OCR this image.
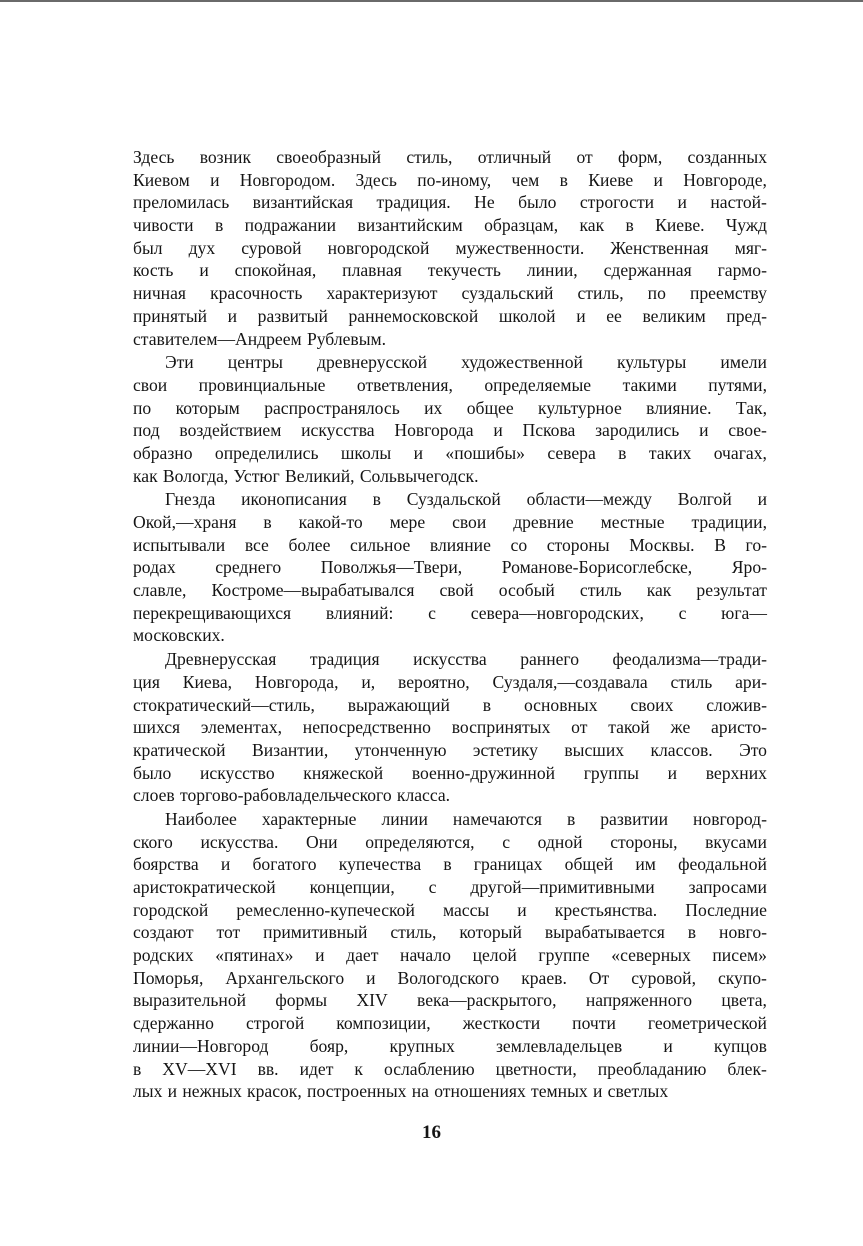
Здесь возник своеобразный стиль, отличный от форм, созданных
Киевом и Новгородом. Здесь по-иному, чем в Киеве и Новгороде,
преломилась византийская традиция. Не было строгости и настой-
чивости в подражании византийским образцам, как в Киеве. Чужд
был дух суровой новгородской мужественности. Женственная мяг-
кость и спокойная, плавная текучесть линии, сдержанная гармо-
ничная красочность характеризуют суздальский стиль, по преемству
принятый и развитый раннемосковской школой и ее великим пред-
ставителем—Андреем Рублевым.
Эти центры древнерусской художественной культуры имели
свои провинциальные ответвления, определяемые такими путями,
по которым распространялось их общее культурное влияние. Так,
под воздействием искусства Новгорода и Пскова зародились и свое-
образно определились школы и «пошибы» севера в таких очагах,
как Вологда, Устюг Великий, Сольвычегодск.
Гнезда иконописания в Суздальской области—между Волгой и
Окой,—храня в какой-то мере свои древние местные традиции,
испытывали все более сильное влияние со стороны Москвы. В го-
родах среднего Поволжья—Твери, Романове-Борисоглебске, Яро-
славле, Костроме—вырабатывался свой особый стиль как результат
перекрещивающихся влияний: с севера—новгородских, с юга—
московских.
Древнерусская традиция искусства раннего феодализма—тради-
ция Киева, Новгорода, и, вероятно, Суздаля,—создавала стиль ари-
стократический—стиль, выражающий в основных своих сложив-
шихся элементах, непосредственно воспринятых от такой же аристо-
кратической Византии, утонченную эстетику высших классов. Это
было искусство княжеской военно-дружинной группы и верхних
слоев торгово-рабовладельческого класса.
Наиболее характерные линии намечаются в развитии новгород-
ского искусства. Они определяются, с одной стороны, вкусами
боярства и богатого купечества в границах общей им феодальной
аристократической концепции, с другой—примитивными запросами
городской ремесленно-купеческой массы и крестьянства. Последние
создают тот примитивный стиль, который вырабатывается в новго-
родских «пятинах» и дает начало целой группе «северных писем»
Поморья, Архангельского и Вологодского краев. От суровой, скупо-
выразительной формы XIV века—раскрытого, напряженного цвета,
сдержанно строгой композиции, жесткости почти геометрической
линии—Новгород бояр, крупных землевладельцев и купцов
в XV—XVI вв. идет к ослаблению цветности, преобладанию блек-
лых и нежных красок, построенных на отношениях темных и светлых
16
